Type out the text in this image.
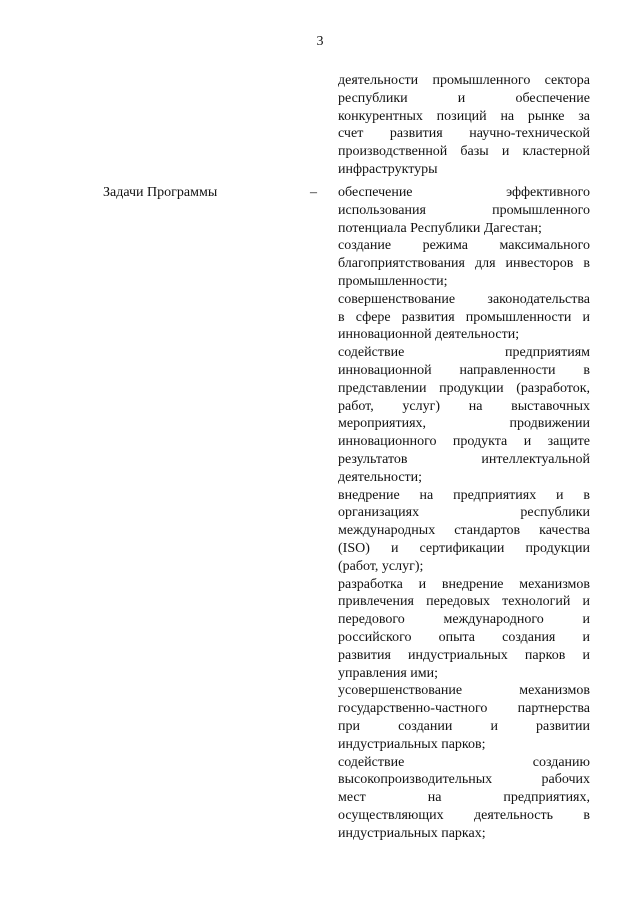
3

деятельности промышленного сектора
республики и обеспечение
конкурентных позиций на рынке за
счет развития научно-технической
производственной базы и кластерной
инфраструктуры

Задачи Программы	– обеспечение эффективного
использования промышленного
потенциала Республики Дагестан;

создание режима максимального
благоприятствования для инвесторов в
промышленности;

совершенствование законодательства
в сфере развития промышленности и
инновационной деятельности;

содействие предприятиям
инновационной направленности в
представлении продукции (разработок,
работ, услуг) на выставочных
мероприятиях, продвижении
инновационного продукта и защите
результатов интеллектуальной
деятельности;

внедрение на предприятиях и в
организациях республики
международных стандартов качества
(ISO) и сертификации продукции
(работ, услуг);

разработка и внедрение механизмов
привлечения передовых технологий и
передового международного и
российского опыта создания и
развития индустриальных парков и
управления ими;

усовершенствование механизмов
государственно-частного партнерства
при создании и развитии
индустриальных парков;

содействие созданию
высокопроизводительных рабочих
мест на предприятиях,
осуществляющих деятельность в
индустриальных парках;
